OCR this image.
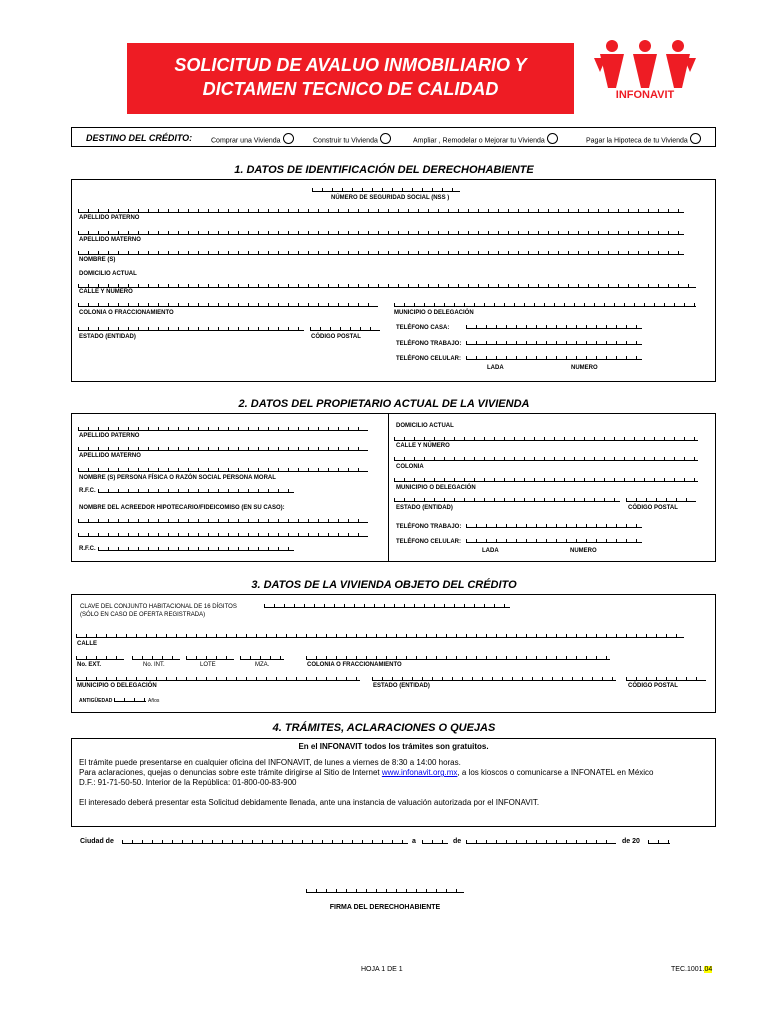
SOLICITUD DE AVALUO INMOBILIARIO Y
DICTAMEN TECNICO DE CALIDAD	INFONAVIT
DESTINO DEL CRÉDITO:	Comprar una Vivienda	Construir tu Vivienda	Ampliar , Remodelar o Mejorar tu Vivienda	Pagar la Hipoteca de tu Vivienda
1. DATOS DE IDENTIFICACIÓN DEL DERECHOHABIENTE
NÚMERO DE SEGURIDAD SOCIAL (NSS )
APELLIDO PATERNO
APELLIDO MATERNO
NOMBRE (S)
DOMICILIO ACTUAL
CALLE Y NÚMERO
COLONIA O FRACCIONAMIENTO	MUNICIPIO O DELEGACIÓN
ESTADO (ENTIDAD)	CÓDIGO POSTAL
TELÉFONO CASA:
TELÉFONO TRABAJO:
TELÉFONO CELULAR:
LADA	NUMERO
2. DATOS DEL PROPIETARIO ACTUAL DE LA VIVIENDA
APELLIDO PATERNO
APELLIDO MATERNO
NOMBRE (S) PERSONA FÍSICA O RAZÓN SOCIAL PERSONA MORAL
R.F.C.
NOMBRE DEL ACREEDOR HIPOTECARIO/FIDEICOMISO (EN SU CASO):
R.F.C.
DOMICILIO ACTUAL
CALLE Y NÚMERO
COLONIA
MUNICIPIO O DELEGACIÓN
ESTADO (ENTIDAD)	CÓDIGO POSTAL
TELÉFONO TRABAJO:
TELÉFONO CELULAR:
LADA	NUMERO
3. DATOS DE LA VIVIENDA OBJETO DEL CRÉDITO
CLAVE DEL CONJUNTO HABITACIONAL DE 16 DÍGITOS
(SÓLO EN CASO DE OFERTA REGISTRADA)
CALLE
No. EXT.	No. INT.	LOTE	MZA.	COLONIA O FRACCIONAMIENTO
MUNICIPIO O DELEGACIÓN	ESTADO (ENTIDAD)	CÓDIGO POSTAL
ANTIGÜEDAD	Años
4. TRÁMITES, ACLARACIONES O QUEJAS
En el INFONAVIT todos los trámites son gratuitos.
El trámite puede presentarse en cualquier oficina del INFONAVIT, de lunes a viernes de 8:30 a 14:00 horas.
Para aclaraciones, quejas o denuncias sobre este trámite dirigirse al Sitio de Internet www.infonavit.org.mx, a los kioscos o comunicarse a INFONATEL en México
D.F.: 91-71-50-50. Interior de la República: 01-800-00-83-900
El interesado deberá presentar esta Solicitud debidamente llenada, ante una instancia de valuación autorizada por el INFONAVIT.
Ciudad de	a	de	de 20
FIRMA DEL DERECHOHABIENTE
HOJA 1 DE 1	TEC.1001.04
